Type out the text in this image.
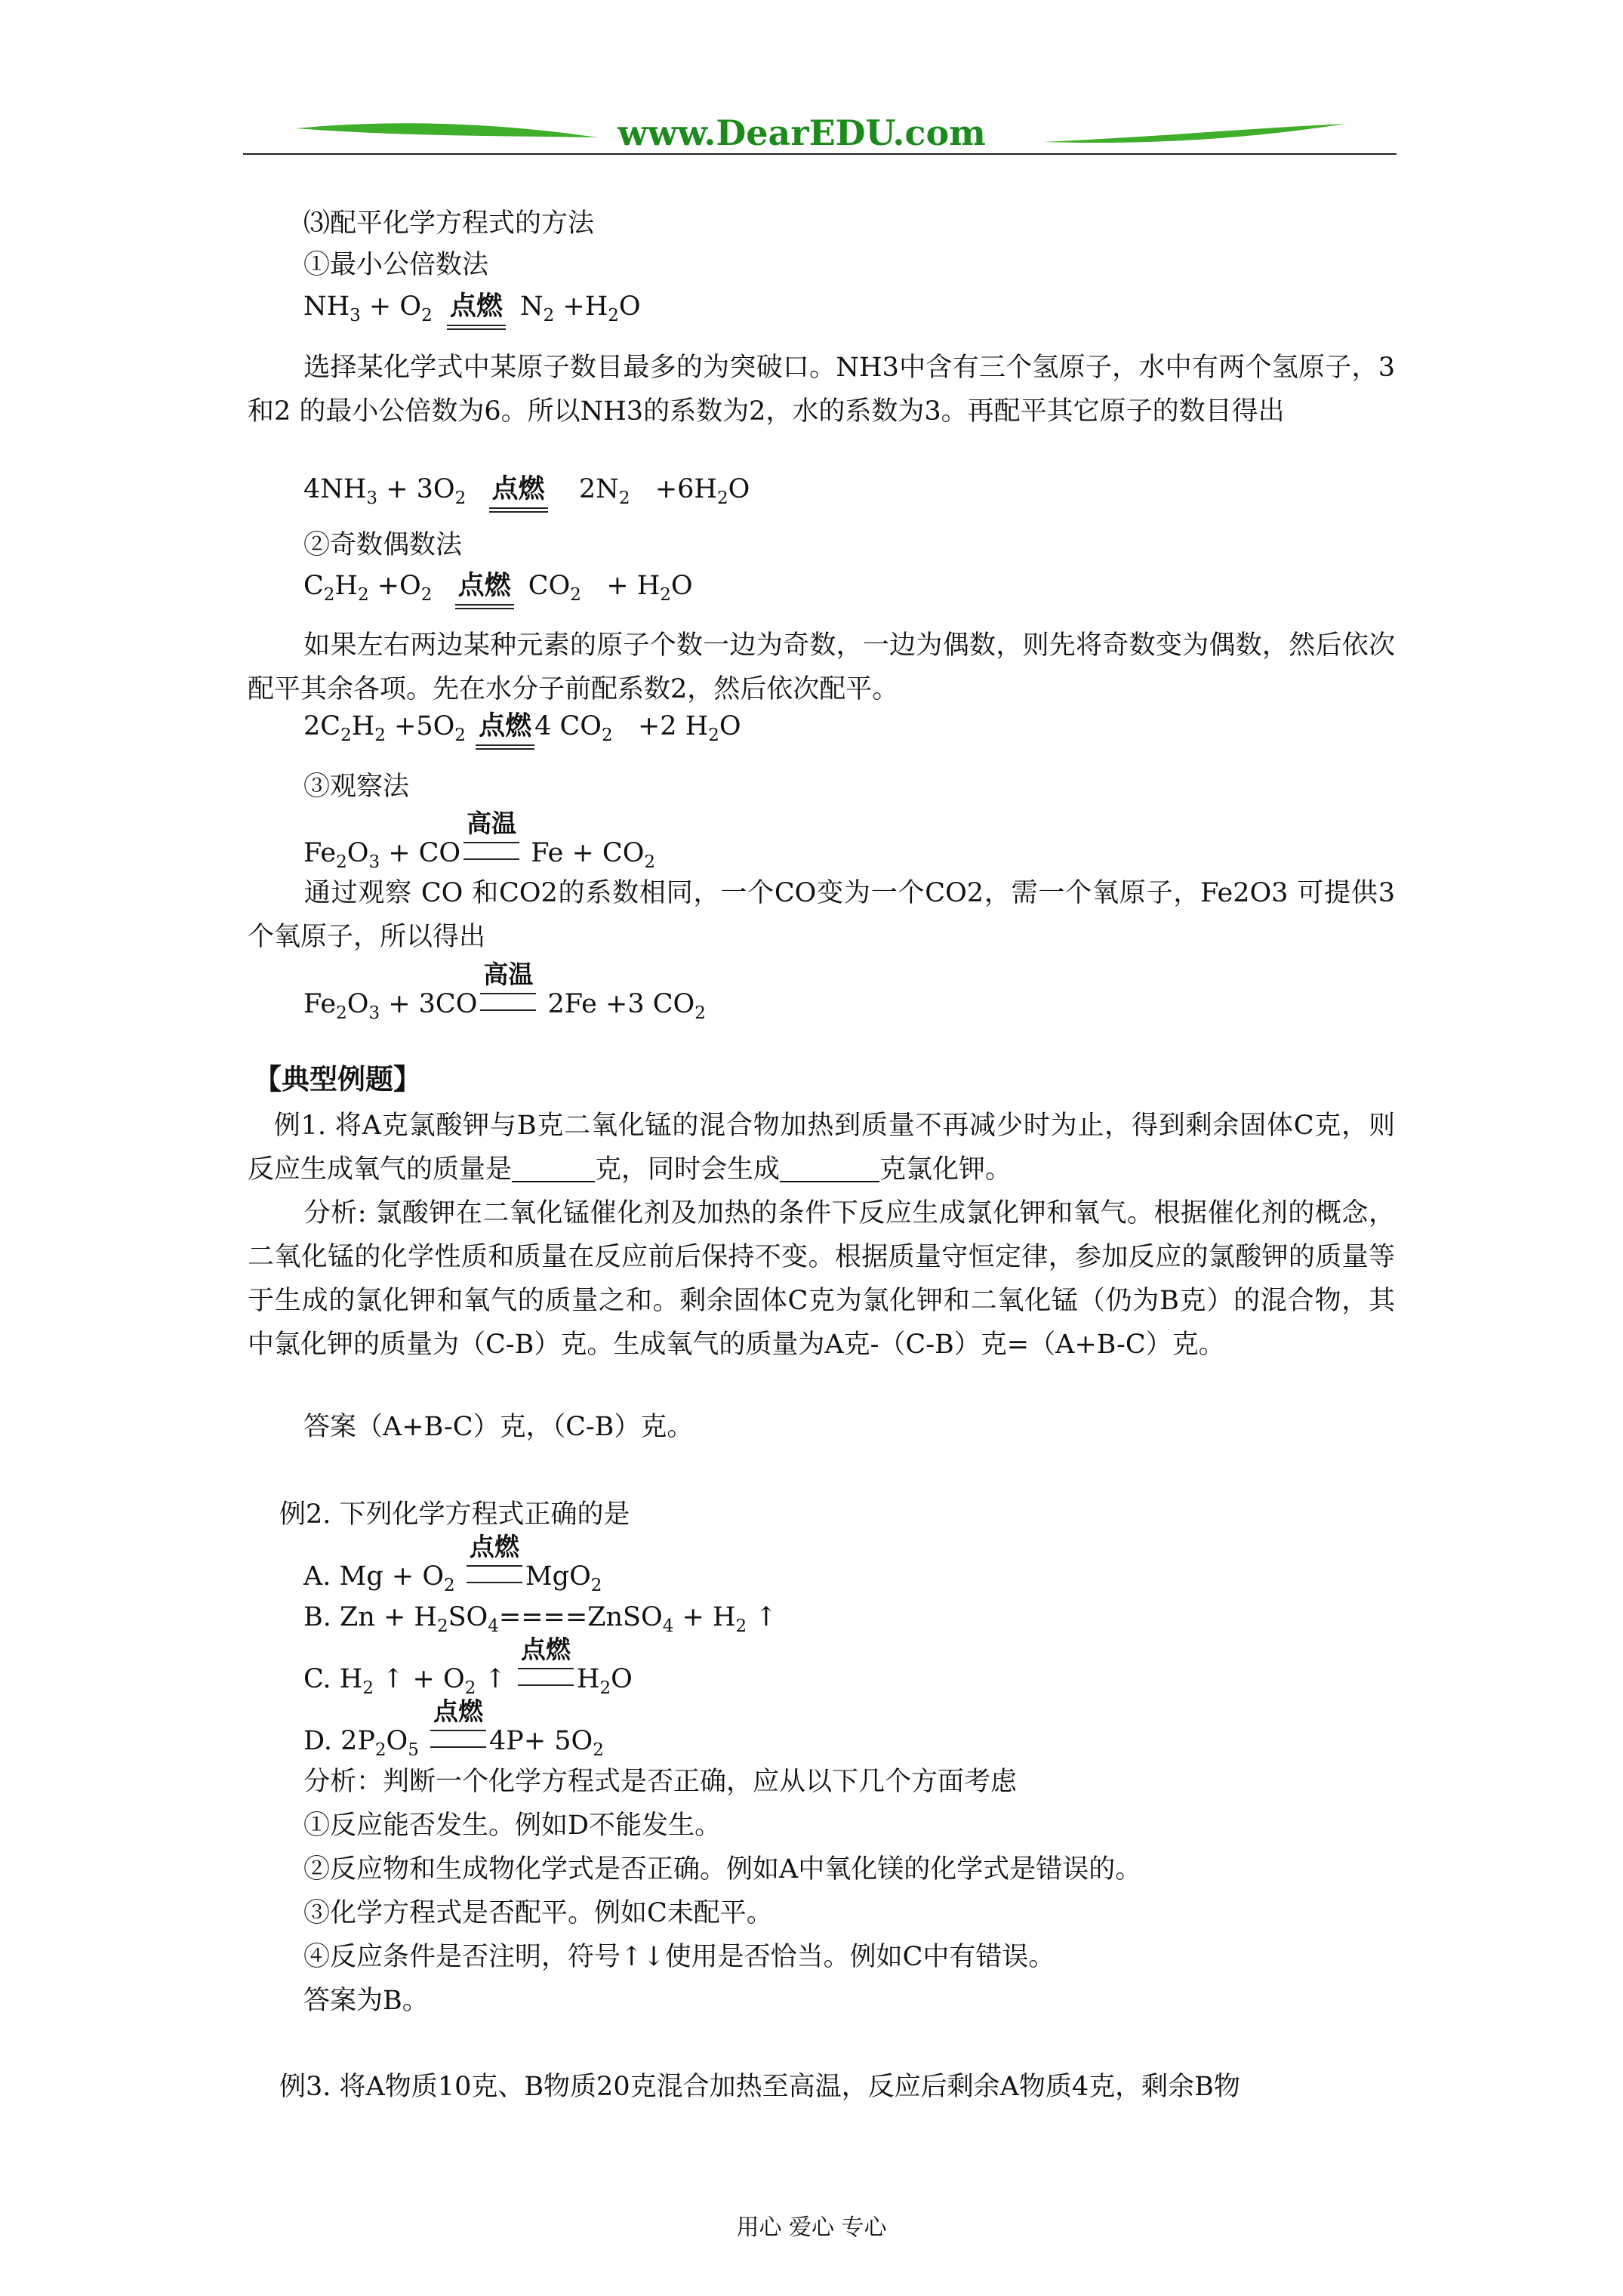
www.DearEDU.com
⑶配平化学方程式的方法
①最小公倍数法
$NH_3 + O_2$ 点燃 $N_2 +H_2O$
选择某化学式中某原子数目最多的为突破口。NH3中含有三个氢原子，水中有两个氢原子，3和2 的最小公倍数为6。所以NH3的系数为2，水的系数为3。再配平其它原子的数目得出
$4NH_3 + 3O_2$ 点燃   $2N_2 +6H_2O$
②奇数偶数法
$C_2H_2 +O_2$ 点燃 $CO_2 + H_2O$
如果左右两边某种元素的原子个数一边为奇数，一边为偶数，则先将奇数变为偶数，然后依次配平其余各项。先在水分子前配系数2，然后依次配平。
$2C_2H_2 +5O_2$ 点燃 4 $CO_2 +2$ $H_2O$
③观察法
$Fe_2O_3$ + CO
高温
$Fe + CO_2$
通过观察 CO 和CO2的系数相同，一个CO变为一个CO2，需一个氧原子，Fe2O3 可提供3个氧原子，所以得出
$Fe_2O_3 + 3CO$
高温
2Fe +3 $CO_2$
【典型例题】
例1. 将A克氯酸钾与B克二氧化锰的混合物加热到质量不再减少时为止，得到剩余固体C克，则反应生成氧气的质量是	克，同时会生成	克氯化钾。
分析: 氯酸钾在二氧化锰催化剂及加热的条件下反应生成氯化钾和氧气。根据催化剂的概念，二氧化锰的化学性质和质量在反应前后保持不变。根据质量守恒定律，参加反应的氯酸钾的质量等于生成的氯化钾和氧气的质量之和。剩余固体C克为氯化钾和二氧化锰（仍为B克）的混合物，其中氯化钾的质量为（C-B）克。生成氧气的质量为A克-（C-B）克=（A+B-C）克。
答案（A+B-C）克，（C-B）克。
例2. 下列化学方程式正确的是
A. $Mg + O_2$
点燃
MgO$_2$
B. $Zn + H_2SO_4====ZnSO_4 + H_2$ ↑
C. $H_2$ ↑ + $O_2$ ↑
点燃
$H_2O$
D. $2P_2O_5$
点燃
$4P+ 5O_2$
分析：判断一个化学方程式是否正确，应从以下几个方面考虑
①反应能否发生。例如D不能发生。
②反应物和生成物化学式是否正确。例如A中氧化镁的化学式是错误的。
③化学方程式是否配平。例如C未配平。
④反应条件是否注明，符号↑↓使用是否恰当。例如C中有错误。
答案为B。
例3. 将A物质10克、B物质20克混合加热至高温，反应后剩余A物质4克，剩余B物
用心 爱心 专心
